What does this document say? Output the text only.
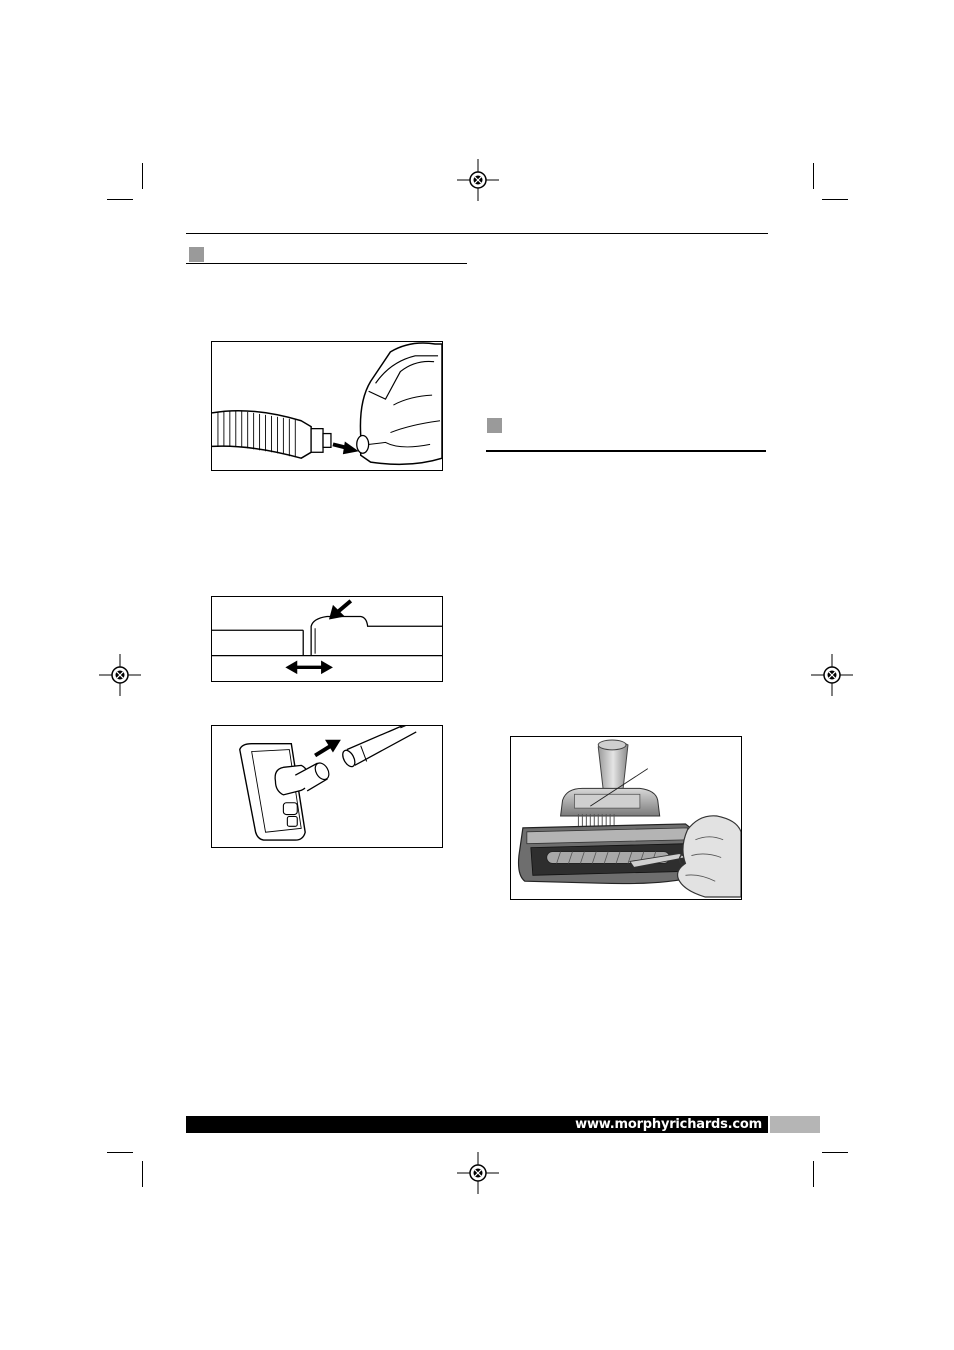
www.morphyrichards.com
